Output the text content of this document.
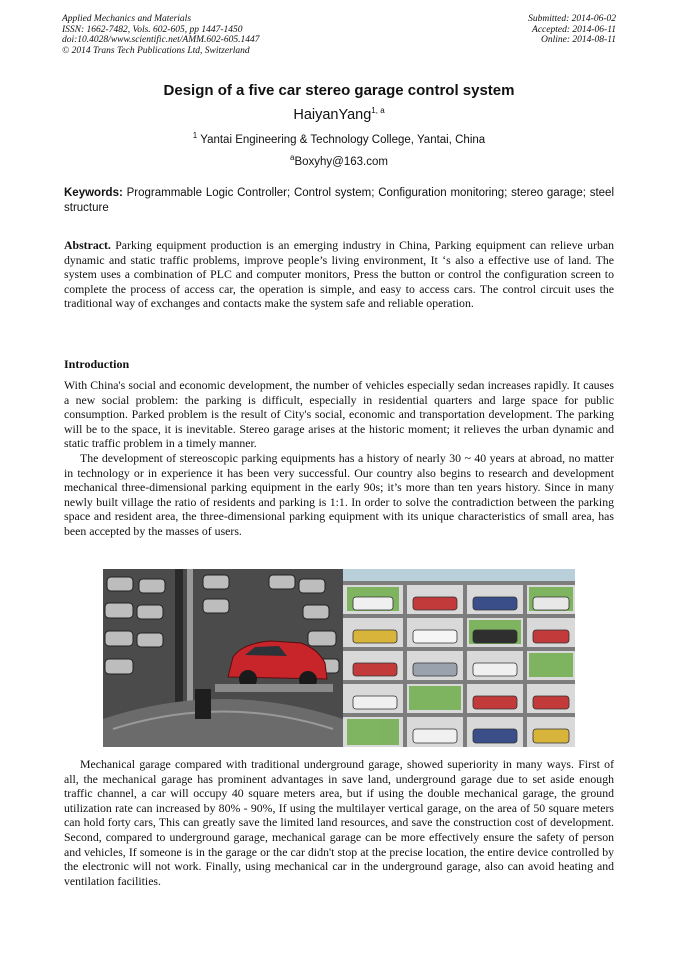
Applied Mechanics and Materials
ISSN: 1662-7482, Vols. 602-605, pp 1447-1450
doi:10.4028/www.scientific.net/AMM.602-605.1447
© 2014 Trans Tech Publications Ltd, Switzerland
Submitted: 2014-06-02
Accepted: 2014-06-11
Online: 2014-08-11
Design of a five car stereo garage control system
HaiyanYang$^{1, a}$
$^1$ Yantai Engineering & Technology College, Yantai, China
$^a$Boxyhy@163.com
Keywords: Programmable Logic Controller; Control system; Configuration monitoring; stereo garage; steel structure
Abstract. Parking equipment production is an emerging industry in China, Parking equipment can relieve urban dynamic and static traffic problems, improve people’s living environment, It ‘s also a effective use of land. The system uses a combination of PLC and computer monitors, Press the button or control the configuration screen to complete the process of access car, the operation is simple, and easy to access cars. The control circuit uses the traditional way of exchanges and contacts make the system safe and reliable operation.
Introduction

With China's social and economic development, the number of vehicles especially sedan increases rapidly. It causes a new social problem: the parking is difficult, especially in residential quarters and large space for public consumption. Parked problem is the result of City's social, economic and transportation development. The parking will be to the space, it is inevitable. Stereo garage arises at the historic moment; it relieves the urban dynamic and static traffic problem in a timely manner.

The development of stereoscopic parking equipments has a history of nearly 30 ~ 40 years at abroad, no matter in technology or in experience it has been very successful. Our country also begins to research and development mechanical three-dimensional parking equipment in the early 90s; it’s more than ten years history. Since in many newly built village the ratio of residents and parking is 1:1. In order to solve the contradiction between the parking space and resident area, the three-dimensional parking equipment with its unique characteristics of small area, has been accepted by the masses of users.

Mechanical garage compared with traditional underground garage, showed superiority in many ways. First of all, the mechanical garage has prominent advantages in save land, underground garage due to set aside enough traffic channel, a car will occupy 40 square meters area, but if using the double mechanical garage, the ground utilization rate can increased by 80% - 90%, If using the multilayer vertical garage, on the area of 50 square meters can hold forty cars, This can greatly save the limited land resources, and save the construction cost of development. Second, compared to underground garage, mechanical garage can be more effectively ensure the safety of person and vehicles, If someone is in the garage or the car didn't stop at the precise location, the entire device controlled by the electronic will not work. Finally, using mechanical car in the underground garage, also can avoid heating and ventilation facilities.
